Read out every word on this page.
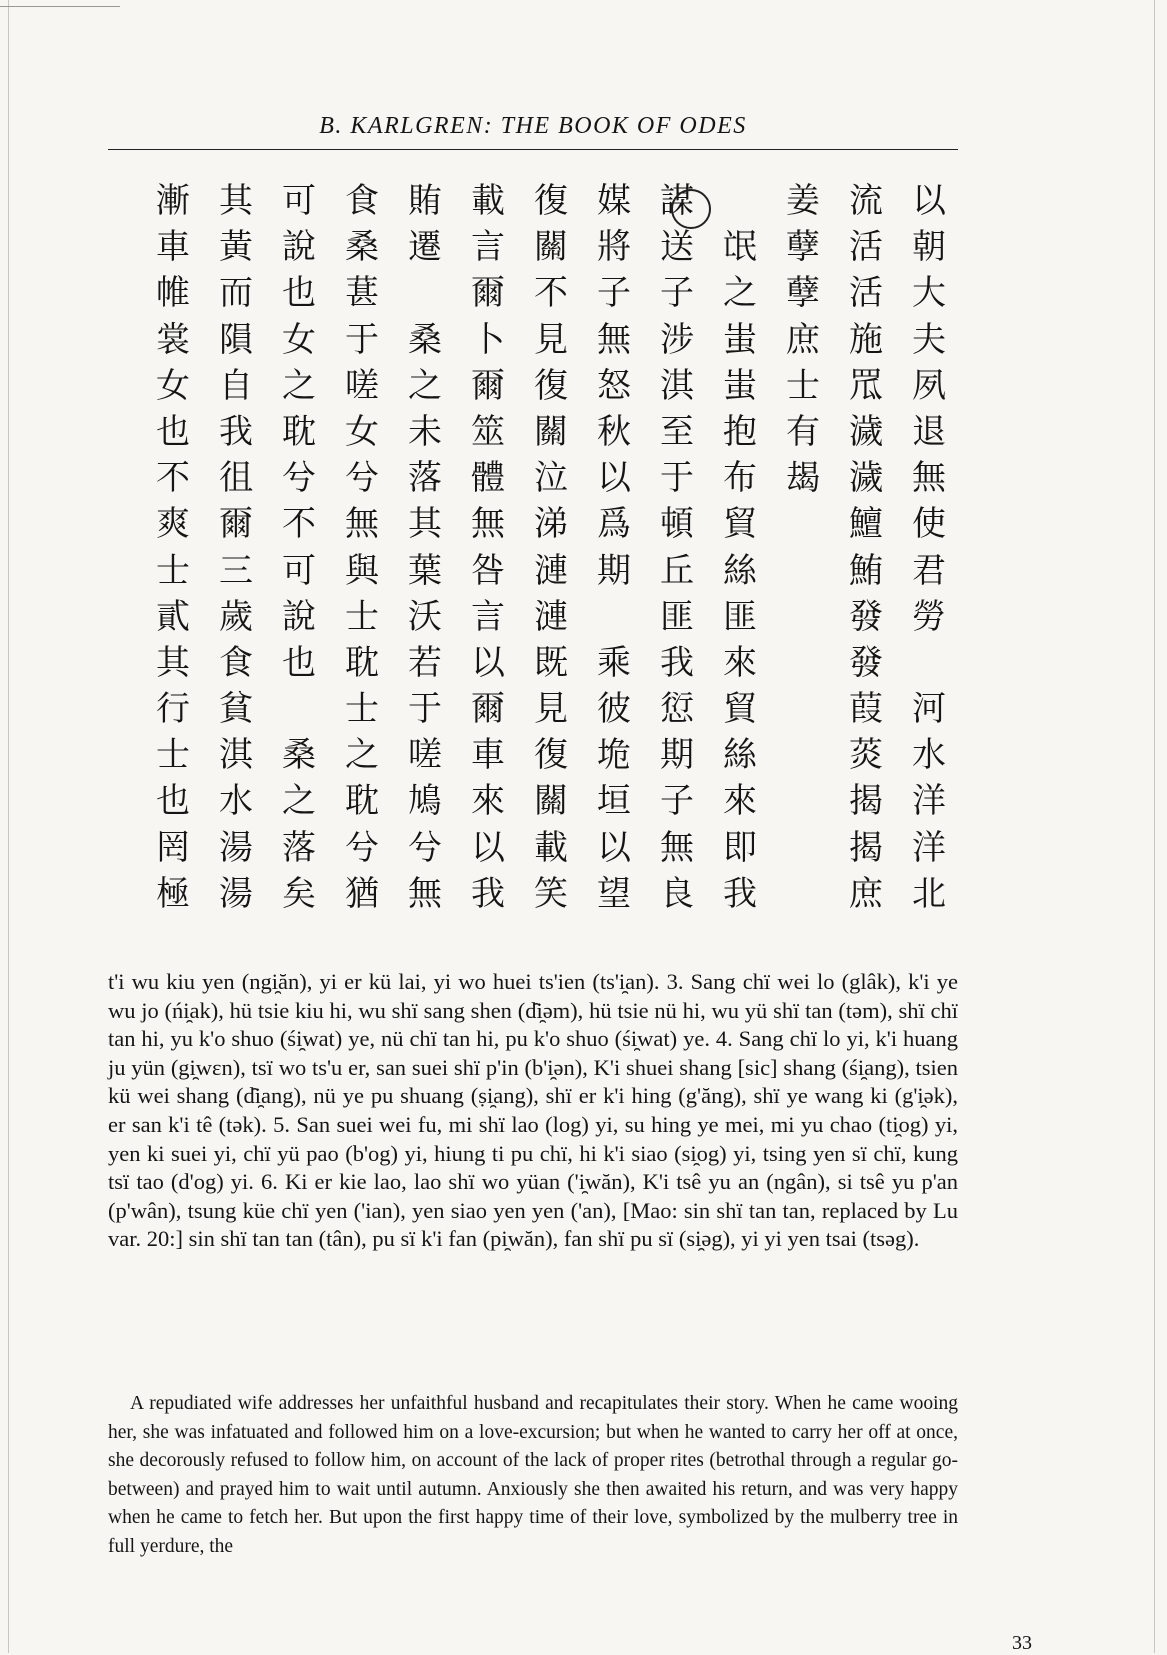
B. KARLGREN: THE BOOK OF ODES
以
朝
大
夫
夙
退
無
使
君
勞
河
水
洋
洋
北
流
活
活
施
罛
濊
濊
鱣
鮪
發
發
葭
菼
揭
揭
庶
姜
孽
孽
庶
士
有
朅
氓
之
蚩
蚩
抱
布
貿
絲
匪
來
貿
絲
來
即
我
謀
送
子
涉
淇
至
于
頓
丘
匪
我
愆
期
子
無
良
媒
將
子
無
怒
秋
以
爲
期
乘
彼
垝
垣
以
望
復
關
不
見
復
關
泣
涕
漣
漣
既
見
復
關
載
笑
載
言
爾
卜
爾
筮
體
無
咎
言
以
爾
車
來
以
我
賄
遷
桑
之
未
落
其
葉
沃
若
于
嗟
鳩
兮
無
食
桑
葚
于
嗟
女
兮
無
與
士
耽
士
之
耽
兮
猶
可
說
也
女
之
耽
兮
不
可
說
也
桑
之
落
矣
其
黃
而
隕
自
我
徂
爾
三
歲
食
貧
淇
水
湯
湯
漸
車
帷
裳
女
也
不
爽
士
貳
其
行
士
也
罔
極
t'i wu kiu yen (ngi̯ăn), yi er kü lai, yi wo huei ts'ien (ts'i̯an). 3. Sang chï wei lo (glâk), k'i ye wu jo (ńi̯ak), hü tsie kiu hi, wu shï sang shen (d̑i̯əm), hü tsie nü hi, wu yü shï tan (təm), shï chï tan hi, yu k'o shuo (śi̯wat) ye, nü chï tan hi, pu k'o shuo (śi̯wat) ye. 4. Sang chï lo yi, k'i huang ju yün (gi̯wɛn), tsï wo ts'u er, san suei shï p'in (b'i̯ən), K'i shuei shang [sic] shang (śi̯ang), tsien kü wei shang (d̑i̯ang), nü ye pu shuang (ṣi̯ang), shï er k'i hing (g'ăng), shï ye wang ki (g'i̯ək), er san k'i tê (tək). 5. San suei wei fu, mi shï lao (log) yi, su hing ye mei, mi yu chao (ti̯og) yi, yen ki suei yi, chï yü pao (b'og) yi, hiung ti pu chï, hi k'i siao (si̯og) yi, tsing yen sï chï, kung tsï tao (d'og) yi. 6. Ki er kie lao, lao shï wo yüan ('i̯wăn), K'i tsê yu an (ngân), si tsê yu p'an (p'wân), tsung küe chï yen ('ian), yen siao yen yen ('an), [Mao: sin shï tan tan, replaced by Lu var. 20:] sin shï tan tan (tân), pu sï k'i fan (pi̯wăn), fan shï pu sï (si̯əg), yi yi yen tsai (tsəg).
A repudiated wife addresses her unfaithful husband and recapitulates their story. When he came wooing her, she was infatuated and followed him on a love-excursion; but when he wanted to carry her off at once, she decorously refused to follow him, on account of the lack of proper rites (betrothal through a regular go-between) and prayed him to wait until autumn. Anxiously she then awaited his return, and was very happy when he came to fetch her. But upon the first happy time of their love, symbolized by the mulberry tree in full yerdure, the
33
